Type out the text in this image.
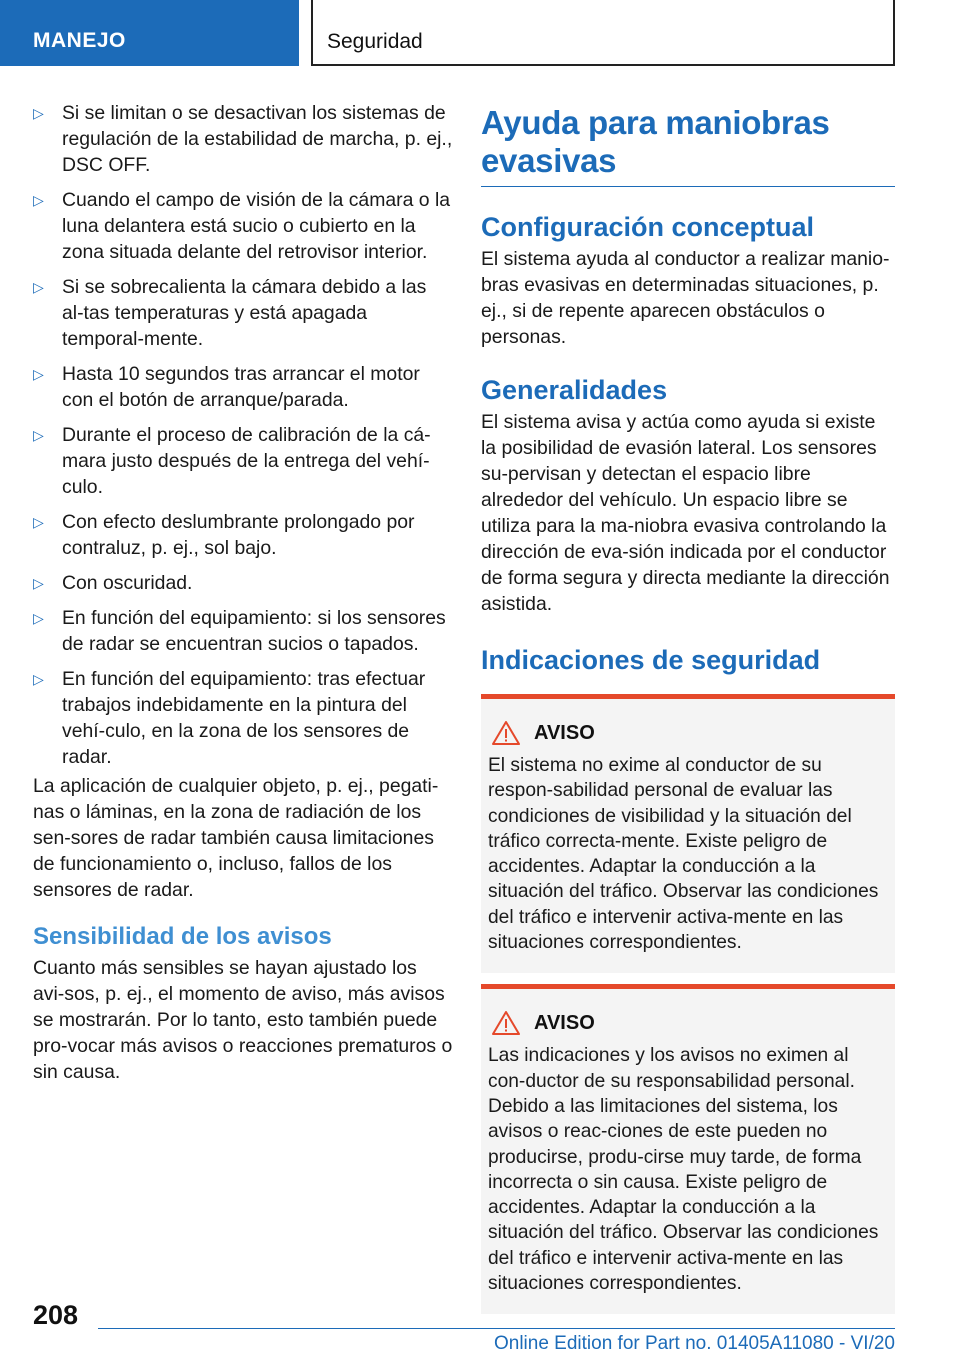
MANEJO	Seguridad
▷ Si se limitan o se desactivan los sistemas de regulación de la estabilidad de marcha, p. ej., DSC OFF.
▷ Cuando el campo de visión de la cámara o la luna delantera está sucio o cubierto en la zona situada delante del retrovisor interior.
▷ Si se sobrecalienta la cámara debido a las al-tas temperaturas y está apagada temporal-mente.
▷ Hasta 10 segundos tras arrancar el motor con el botón de arranque/parada.
▷ Durante el proceso de calibración de la cá-mara justo después de la entrega del vehí-culo.
▷ Con efecto deslumbrante prolongado por contraluz, p. ej., sol bajo.
▷ Con oscuridad.
▷ En función del equipamiento: si los sensores de radar se encuentran sucios o tapados.
▷ En función del equipamiento: tras efectuar trabajos indebidamente en la pintura del vehí-culo, en la zona de los sensores de radar.

La aplicación de cualquier objeto, p. ej., pegati-nas o láminas, en la zona de radiación de los sen-sores de radar también causa limitaciones de funcionamiento o, incluso, fallos de los sensores de radar.

Sensibilidad de los avisos

Cuanto más sensibles se hayan ajustado los avi-sos, p. ej., el momento de aviso, más avisos se mostrarán. Por lo tanto, esto también puede pro-vocar más avisos o reacciones prematuros o sin causa.

Ayuda para maniobras evasivas
Configuración conceptual

El sistema ayuda al conductor a realizar manio-bras evasivas en determinadas situaciones, p. ej., si de repente aparecen obstáculos o personas.

Generalidades

El sistema avisa y actúa como ayuda si existe la posibilidad de evasión lateral. Los sensores su-pervisan y detectan el espacio libre alrededor del vehículo. Un espacio libre se utiliza para la ma-niobra evasiva controlando la dirección de eva-sión indicada por el conductor de forma segura y directa mediante la dirección asistida.

Indicaciones de seguridad
AVISO

El sistema no exime al conductor de su respon-sabilidad personal de evaluar las condiciones de visibilidad y la situación del tráfico correcta-mente. Existe peligro de accidentes. Adaptar la conducción a la situación del tráfico. Observar las condiciones del tráfico e intervenir activa-mente en las situaciones correspondientes.

AVISO

Las indicaciones y los avisos no eximen al con-ductor de su responsabilidad personal. Debido a las limitaciones del sistema, los avisos o reac-ciones de este pueden no producirse, produ-cirse muy tarde, de forma incorrecta o sin causa. Existe peligro de accidentes. Adaptar la conducción a la situación del tráfico. Observar las condiciones del tráfico e intervenir activa-mente en las situaciones correspondientes.

208
Online Edition for Part no. 01405A11080 - VI/20
